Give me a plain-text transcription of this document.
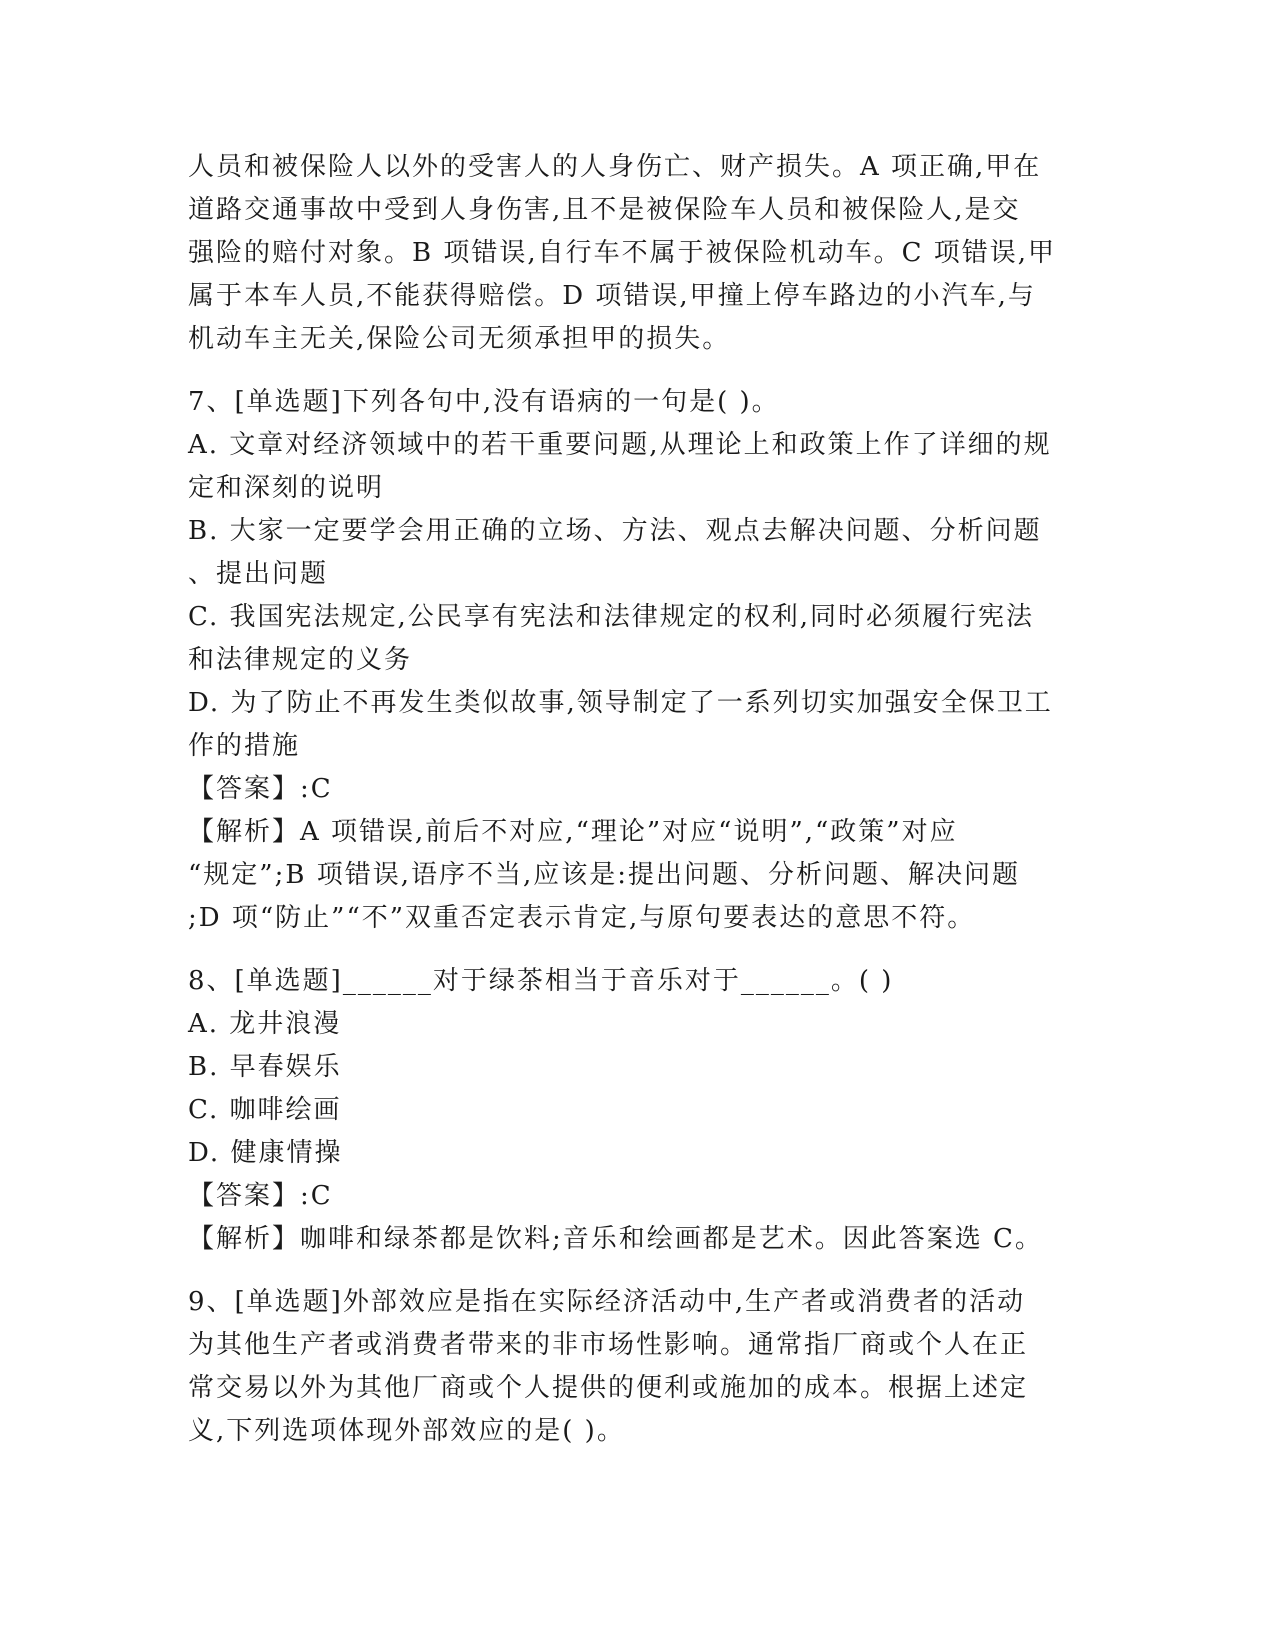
人员和被保险人以外的受害人的人身伤亡、财产损失。A 项正确,甲在
道路交通事故中受到人身伤害,且不是被保险车人员和被保险人,是交
强险的赔付对象。B 项错误,自行车不属于被保险机动车。C 项错误,甲
属于本车人员,不能获得赔偿。D 项错误,甲撞上停车路边的小汽车,与
机动车主无关,保险公司无须承担甲的损失。
7、[单选题]下列各句中,没有语病的一句是( )。
A. 文章对经济领域中的若干重要问题,从理论上和政策上作了详细的规
定和深刻的说明
B. 大家一定要学会用正确的立场、方法、观点去解决问题、分析问题
、提出问题
C. 我国宪法规定,公民享有宪法和法律规定的权利,同时必须履行宪法
和法律规定的义务
D. 为了防止不再发生类似故事,领导制定了一系列切实加强安全保卫工
作的措施
【答案】:C
【解析】A 项错误,前后不对应,“理论”对应“说明”,“政策”对应
“规定”;B 项错误,语序不当,应该是:提出问题、分析问题、解决问题
;D 项“防止”“不”双重否定表示肯定,与原句要表达的意思不符。
8、[单选题]______对于绿茶相当于音乐对于______。( )
A. 龙井浪漫
B. 早春娱乐
C. 咖啡绘画
D. 健康情操
【答案】:C
【解析】咖啡和绿茶都是饮料;音乐和绘画都是艺术。因此答案选 C。
9、[单选题]外部效应是指在实际经济活动中,生产者或消费者的活动
为其他生产者或消费者带来的非市场性影响。通常指厂商或个人在正
常交易以外为其他厂商或个人提供的便利或施加的成本。根据上述定
义,下列选项体现外部效应的是( )。
